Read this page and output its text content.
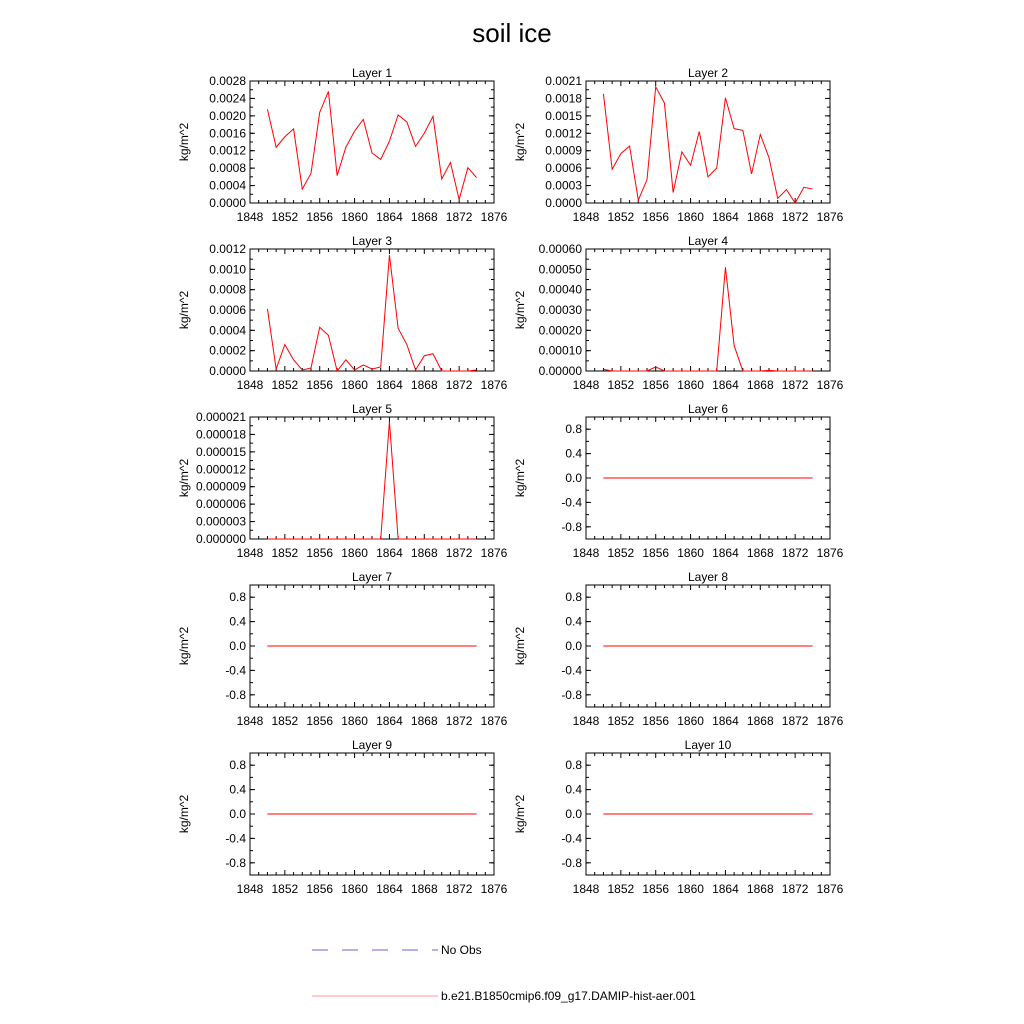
soil ice
Layer 1
kg/m^2
1848 1852 1856 1860 1864 1868 1872 1876
0.0000
0.0004
0.0008
0.0012
0.0016
0.0020
0.0024
0.0028
Layer 2
kg/m^2
1848 1852 1856 1860 1864 1868 1872 1876
0.0000
0.0003
0.0006
0.0009
0.0012
0.0015
0.0018
0.0021
Layer 3
kg/m^2
1848 1852 1856 1860 1864 1868 1872 1876
0.0000
0.0002
0.0004
0.0006
0.0008
0.0010
0.0012
Layer 4
kg/m^2
1848 1852 1856 1860 1864 1868 1872 1876
0.00000
0.00010
0.00020
0.00030
0.00040
0.00050
0.00060
Layer 5
kg/m^2
1848 1852 1856 1860 1864 1868 1872 1876
0.000000
0.000003
0.000006
0.000009
0.000012
0.000015
0.000018
0.000021
Layer 6
kg/m^2
1848 1852 1856 1860 1864 1868 1872 1876
-0.8
-0.4
0.0
0.4
0.8
Layer 7
kg/m^2
1848 1852 1856 1860 1864 1868 1872 1876
-0.8
-0.4
0.0
0.4
0.8
Layer 8
kg/m^2
1848 1852 1856 1860 1864 1868 1872 1876
-0.8
-0.4
0.0
0.4
0.8
Layer 9
kg/m^2
1848 1852 1856 1860 1864 1868 1872 1876
-0.8
-0.4
0.0
0.4
0.8
Layer 10
kg/m^2
1848 1852 1856 1860 1864 1868 1872 1876
-0.8
-0.4
0.0
0.4
0.8
No Obs
b.e21.B1850cmip6.f09_g17.DAMIP-hist-aer.001
